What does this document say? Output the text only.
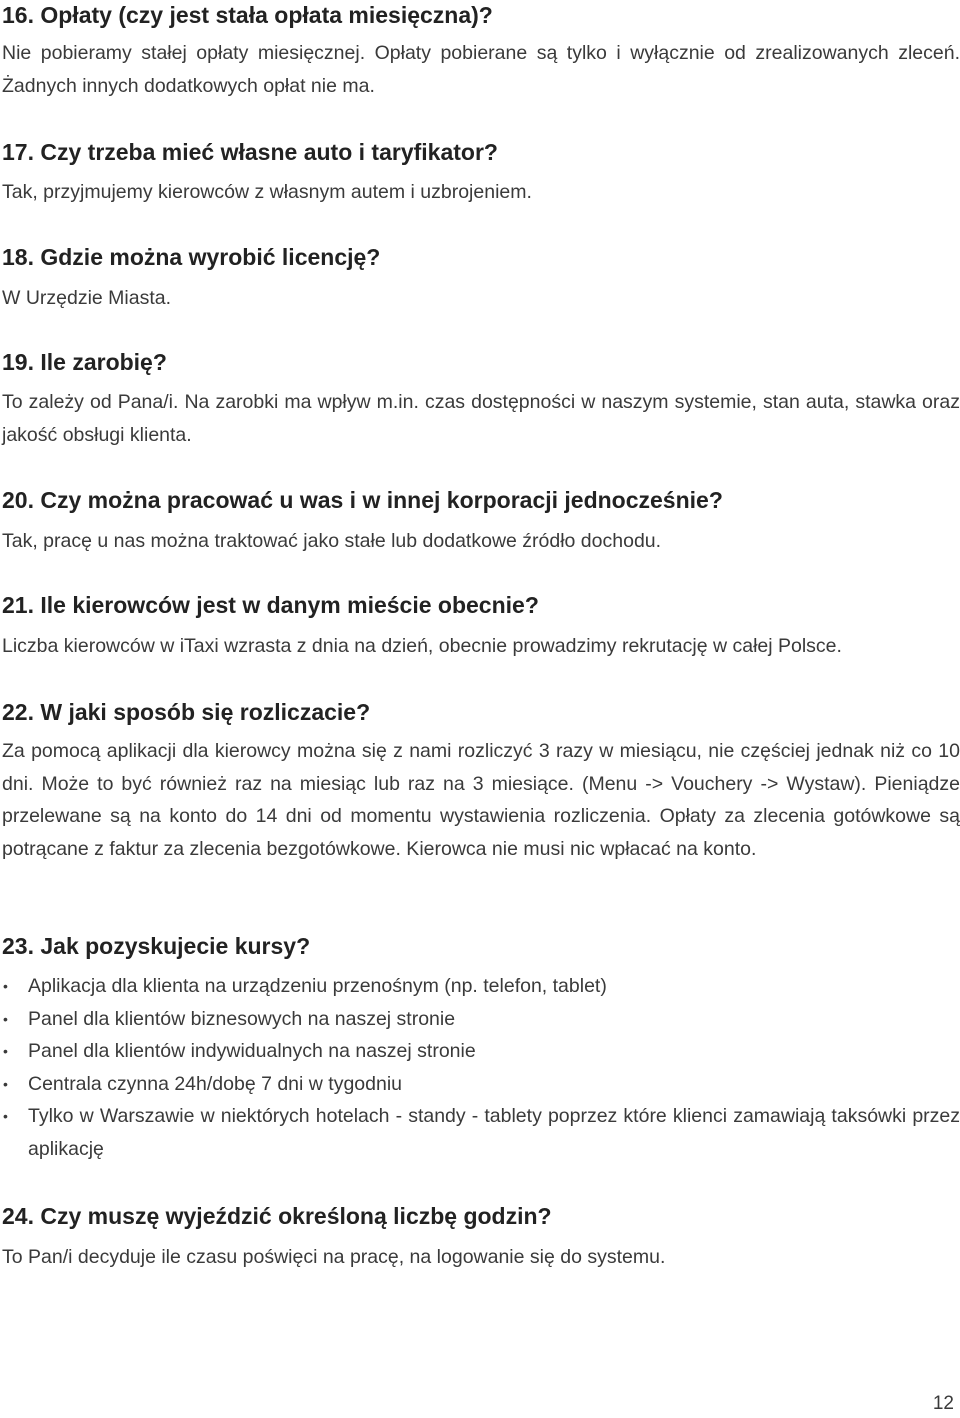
16. Opłaty (czy jest stała opłata miesięczna)?

Nie pobieramy stałej opłaty miesięcznej. Opłaty pobierane są tylko i wyłącznie od zrealizowanych zleceń. Żadnych innych dodatkowych opłat nie ma.

17. Czy trzeba mieć własne auto i taryfikator?

Tak, przyjmujemy kierowców z własnym autem i uzbrojeniem.

18. Gdzie można wyrobić licencję?

W Urzędzie Miasta.

19. Ile zarobię?

To zależy od Pana/i. Na zarobki ma wpływ m.in. czas dostępności w naszym systemie, stan auta, stawka oraz jakość obsługi klienta.

20. Czy można pracować u was i w innej korporacji jednocześnie?

Tak, pracę u nas można traktować jako stałe lub dodatkowe źródło dochodu.

21. Ile kierowców jest w danym mieście obecnie?

Liczba kierowców w iTaxi wzrasta z dnia na dzień, obecnie prowadzimy rekrutację w całej Polsce.

22. W jaki sposób się rozliczacie?

Za pomocą aplikacji dla kierowcy można się z nami rozliczyć 3 razy w miesiącu, nie częściej jednak niż co 10 dni. Może to być również raz na miesiąc lub raz na 3 miesiące. (Menu -> Vouchery -> Wystaw). Pieniądze przelewane są na konto do 14 dni od momentu wystawienia rozliczenia. Opłaty za zlecenia gotówkowe są potrącane z faktur za zlecenia bezgotówkowe. Kierowca nie musi nic wpłacać na konto.

23. Jak pozyskujecie kursy?
• Aplikacja dla klienta na urządzeniu przenośnym (np. telefon, tablet)
• Panel dla klientów biznesowych na naszej stronie
• Panel dla klientów indywidualnych na naszej stronie
• Centrala czynna 24h/dobę 7 dni w tygodniu
• Tylko w Warszawie w niektórych hotelach - standy - tablety poprzez które klienci zamawiają taksówki przez aplikację
24. Czy muszę wyjeździć określoną liczbę godzin?

To Pan/i decyduje ile czasu poświęci na pracę, na logowanie się do systemu.

12
